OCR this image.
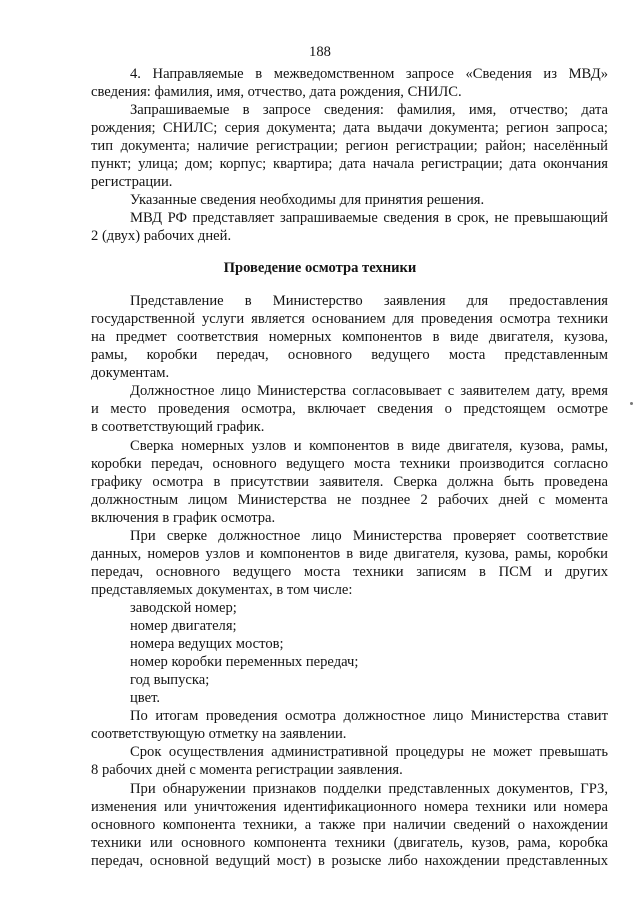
188
4. Направляемые в межведомственном запросе «Сведения из МВД»
сведения: фамилия, имя, отчество, дата рождения, СНИЛС.
Запрашиваемые в запросе сведения: фамилия, имя, отчество; дата
рождения; СНИЛС; серия документа; дата выдачи документа; регион запроса;
тип документа; наличие регистрации; регион регистрации; район; населённый
пункт; улица; дом; корпус; квартира; дата начала регистрации; дата окончания
регистрации.
Указанные сведения необходимы для принятия решения.
МВД РФ представляет запрашиваемые сведения в срок, не превышающий
2 (двух) рабочих дней.
Проведение осмотра техники
Представление в Министерство заявления для предоставления
государственной услуги является основанием для проведения осмотра техники
на предмет соответствия номерных компонентов в виде двигателя, кузова,
рамы, коробки передач, основного ведущего моста представленным
документам.
Должностное лицо Министерства согласовывает с заявителем дату, время
и место проведения осмотра, включает сведения о предстоящем осмотре
в соответствующий график.
Сверка номерных узлов и компонентов в виде двигателя, кузова, рамы,
коробки передач, основного ведущего моста техники производится согласно
графику осмотра в присутствии заявителя. Сверка должна быть проведена
должностным лицом Министерства не позднее 2 рабочих дней с момента
включения в график осмотра.
При сверке должностное лицо Министерства проверяет соответствие
данных, номеров узлов и компонентов в виде двигателя, кузова, рамы, коробки
передач, основного ведущего моста техники записям в ПСМ и других
представляемых документах, в том числе:
заводской номер;
номер двигателя;
номера ведущих мостов;
номер коробки переменных передач;
год выпуска;
цвет.
По итогам проведения осмотра должностное лицо Министерства ставит
соответствующую отметку на заявлении.
Срок осуществления административной процедуры не может превышать
8 рабочих дней с момента регистрации заявления.
При обнаружении признаков подделки представленных документов, ГРЗ,
изменения или уничтожения идентификационного номера техники или номера
основного компонента техники, а также при наличии сведений о нахождении
техники или основного компонента техники (двигатель, кузов, рама, коробка
передач, основной ведущий мост) в розыске либо нахождении представленных
